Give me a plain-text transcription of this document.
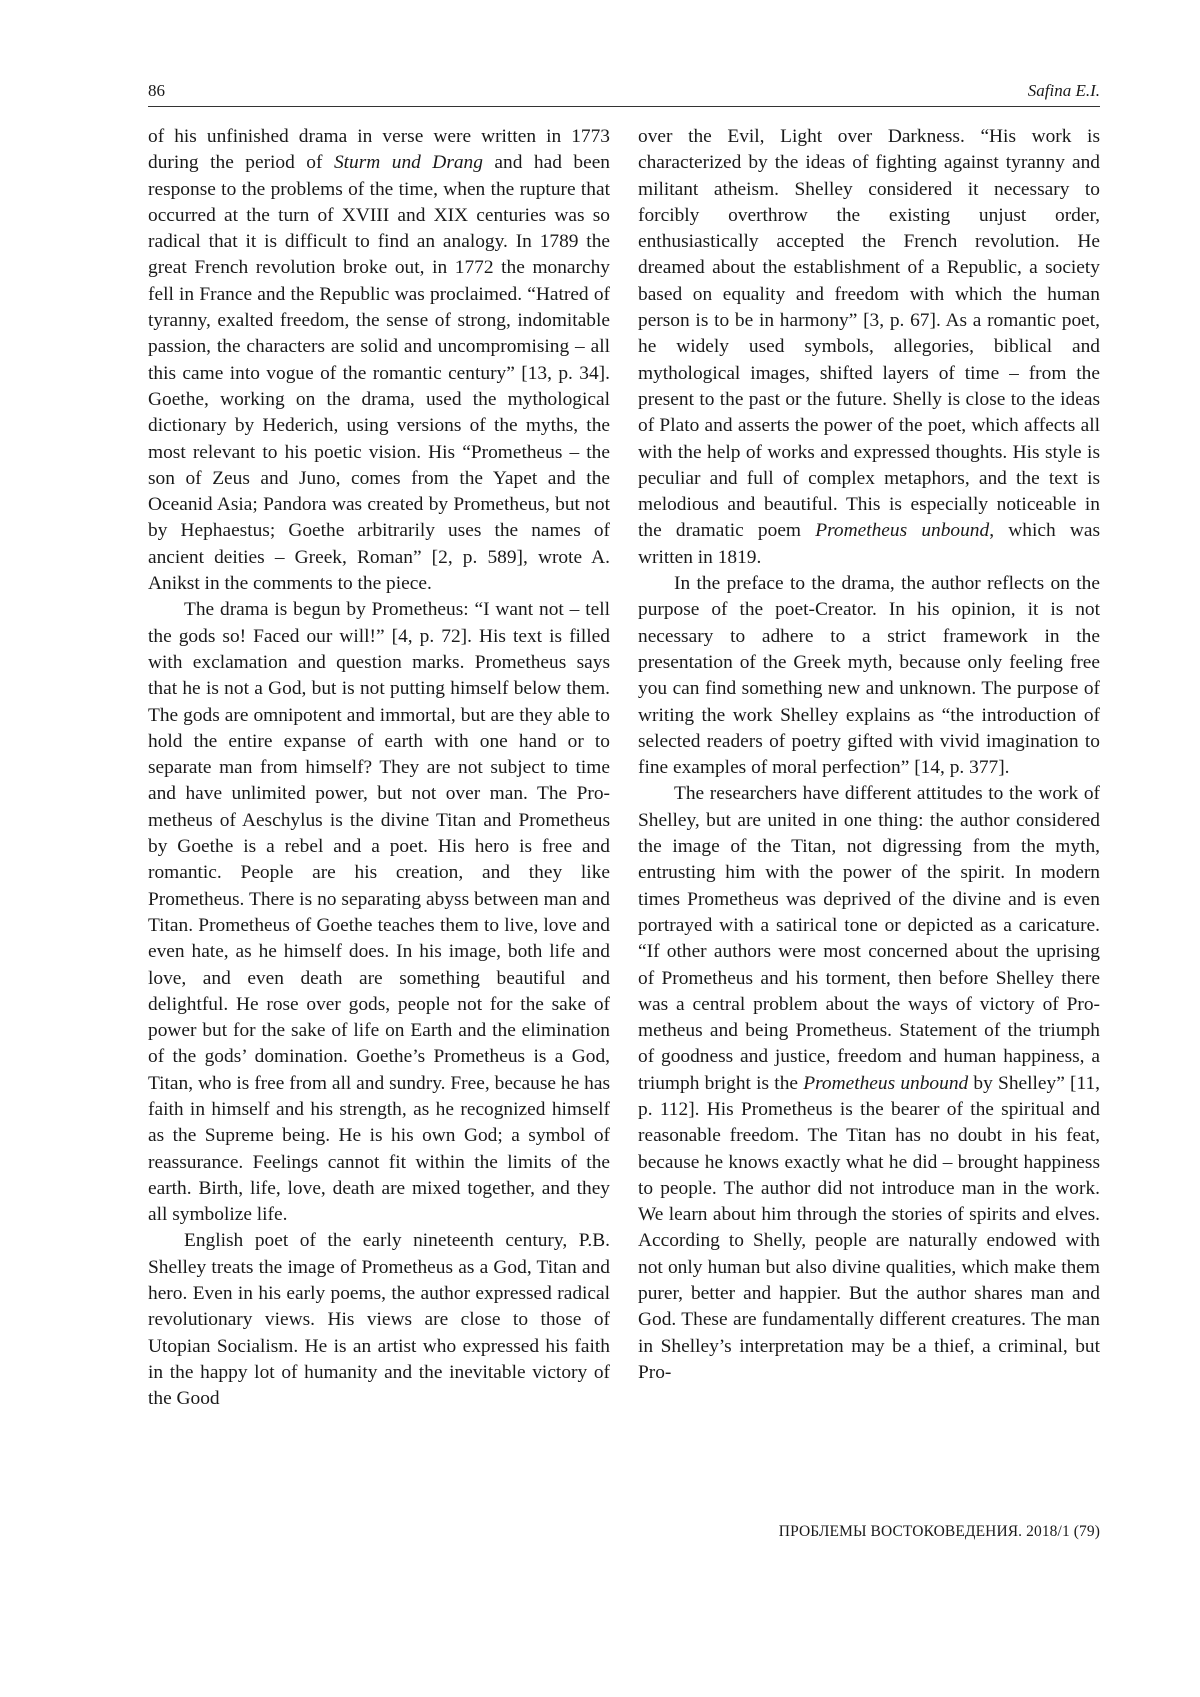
86	Safina E.I.

of his unfinished drama in verse were written in 1773 during the period of Sturm und Drang and had been response to the problems of the time, when the rupture that occurred at the turn of XVIII and XIX centuries was so radical that it is difficult to find an analogy. In 1789 the great French revolution broke out, in 1772 the monarchy fell in France and the Republic was proclaimed. “Hatred of tyranny, exalted freedom, the sense of strong, indomitable passion, the characters are solid and uncompromising – all this came into vogue of the romantic century” [13, p. 34]. Goethe, working on the drama, used the mythological dictionary by Hederich, using versions of the myths, the most relevant to his poetic vision. His “Prometheus – the son of Zeus and Juno, comes from the Yapet and the Oceanid Asia; Pandora was created by Prometheus, but not by Hephaestus; Goethe arbitrarily uses the names of ancient deities – Greek, Roman” [2, p. 589], wrote A. Anikst in the comments to the piece.

The drama is begun by Prometheus: “I want not – tell the gods so! Faced our will!” [4, p. 72]. His text is filled with exclamation and question marks. Prometheus says that he is not a God, but is not putting himself below them. The gods are omnipotent and immortal, but are they able to hold the entire expanse of earth with one hand or to separate man from himself? They are not subject to time and have unlimited power, but not over man. The Prometheus of Aeschylus is the divine Titan and Prometheus by Goethe is a rebel and a poet. His hero is free and romantic. People are his creation, and they like Prometheus. There is no separating abyss between man and Titan. Prometheus of Goethe teaches them to live, love and even hate, as he himself does. In his image, both life and love, and even death are something beautiful and delightful. He rose over gods, people not for the sake of power but for the sake of life on Earth and the elimination of the gods’ domination. Goethe’s Prometheus is a God, Titan, who is free from all and sundry. Free, because he has faith in himself and his strength, as he recognized himself as the Supreme being. He is his own God; a symbol of reassurance. Feelings cannot fit within the limits of the earth. Birth, life, love, death are mixed together, and they all symbolize life.

English poet of the early nineteenth century, P.B. Shelley treats the image of Prometheus as a God, Titan and hero. Even in his early poems, the author expressed radical revolutionary views. His views are close to those of Utopian Socialism. He is an artist who expressed his faith in the happy lot of humanity and the inevitable victory of the Good

over the Evil, Light over Darkness. “His work is characterized by the ideas of fighting against tyranny and militant atheism. Shelley considered it necessary to forcibly overthrow the existing unjust order, enthusiastically accepted the French revolution. He dreamed about the establishment of a Republic, a society based on equality and freedom with which the human person is to be in harmony” [3, p. 67]. As a romantic poet, he widely used symbols, allegories, biblical and mythological images, shifted layers of time – from the present to the past or the future. Shelly is close to the ideas of Plato and asserts the power of the poet, which affects all with the help of works and expressed thoughts. His style is peculiar and full of complex metaphors, and the text is melodious and beautiful. This is especially noticeable in the dramatic poem Prometheus unbound, which was written in 1819.

In the preface to the drama, the author reflects on the purpose of the poet-Creator. In his opinion, it is not necessary to adhere to a strict framework in the presentation of the Greek myth, because only feeling free you can find something new and unknown. The purpose of writing the work Shelley explains as “the introduction of selected readers of poetry gifted with vivid imagination to fine examples of moral perfection” [14, p. 377].

The researchers have different attitudes to the work of Shelley, but are united in one thing: the author considered the image of the Titan, not digressing from the myth, entrusting him with the power of the spirit. In modern times Prometheus was deprived of the divine and is even portrayed with a satirical tone or depicted as a caricature. “If other authors were most concerned about the uprising of Prometheus and his torment, then before Shelley there was a central problem about the ways of victory of Prometheus and being Prometheus. Statement of the triumph of goodness and justice, freedom and human happiness, a triumph bright is the Prometheus unbound by Shelley” [11, p. 112]. His Prometheus is the bearer of the spiritual and reasonable freedom. The Titan has no doubt in his feat, because he knows exactly what he did – brought happiness to people. The author did not introduce man in the work. We learn about him through the stories of spirits and elves. According to Shelly, people are naturally endowed with not only human but also divine qualities, which make them purer, better and happier. But the author shares man and God. These are fundamentally different creatures. The man in Shelley’s interpretation may be a thief, a criminal, but Pro-

ПРОБЛЕМЫ ВОСТОКОВЕДЕНИЯ. 2018/1 (79)
